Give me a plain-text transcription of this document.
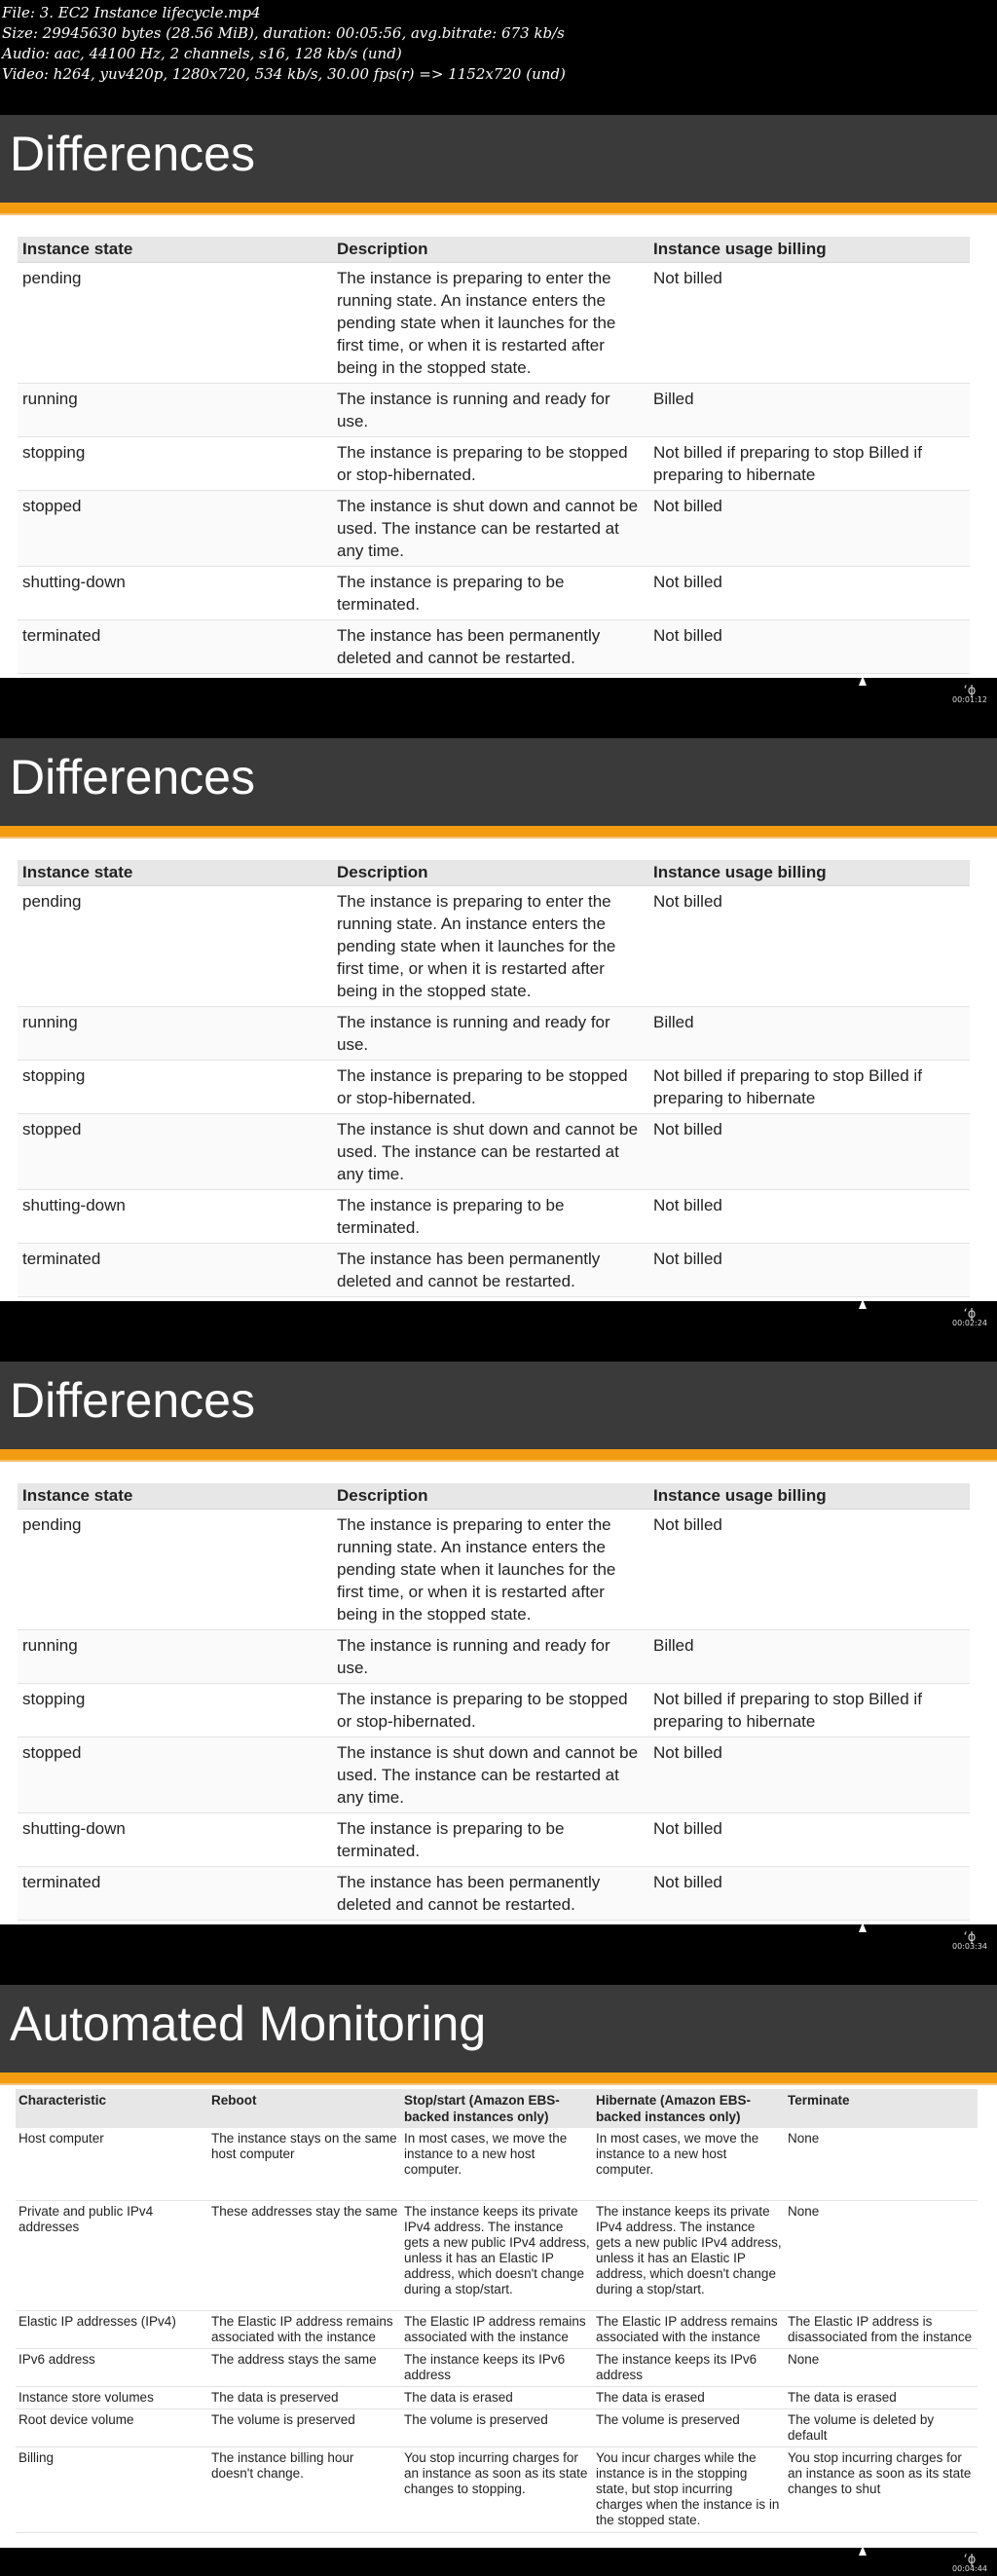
File: 3. EC2 Instance lifecycle.mp4
Size: 29945630 bytes (28.56 MiB), duration: 00:05:56, avg.bitrate: 673 kb/s
Audio: aac, 44100 Hz, 2 channels, s16, 128 kb/s (und)
Video: h264, yuv420p, 1280x720, 534 kb/s, 30.00 fps(r) => 1152x720 (und)
Differences
Instance state	Description	Instance usage billing
pending	The instance is preparing to enter the running state. An instance enters the pending state when it launches for the first time, or when it is restarted after being in the stopped state.	Not billed
running	The instance is running and ready for use.	Billed
stopping	The instance is preparing to be stopped or stop-hibernated.	Not billed if preparing to stop Billed if preparing to hibernate
stopped	The instance is shut down and cannot be used. The instance can be restarted at any time.	Not billed
shutting-down	The instance is preparing to be terminated.	Not billed
terminated	The instance has been permanently deleted and cannot be restarted.	Not billed
ʻϕ
00:01:12
Differences
Instance state	Description	Instance usage billing
pending	The instance is preparing to enter the running state. An instance enters the pending state when it launches for the first time, or when it is restarted after being in the stopped state.	Not billed
running	The instance is running and ready for use.	Billed
stopping	The instance is preparing to be stopped or stop-hibernated.	Not billed if preparing to stop Billed if preparing to hibernate
stopped	The instance is shut down and cannot be used. The instance can be restarted at any time.	Not billed
shutting-down	The instance is preparing to be terminated.	Not billed
terminated	The instance has been permanently deleted and cannot be restarted.	Not billed
ʻϕ
00:02:24
Differences
Instance state	Description	Instance usage billing
pending	The instance is preparing to enter the running state. An instance enters the pending state when it launches for the first time, or when it is restarted after being in the stopped state.	Not billed
running	The instance is running and ready for use.	Billed
stopping	The instance is preparing to be stopped or stop-hibernated.	Not billed if preparing to stop Billed if preparing to hibernate
stopped	The instance is shut down and cannot be used. The instance can be restarted at any time.	Not billed
shutting-down	The instance is preparing to be terminated.	Not billed
terminated	The instance has been permanently deleted and cannot be restarted.	Not billed
ʻϕ
00:03:34
Automated Monitoring
Characteristic	Reboot	Stop/start (Amazon EBS-backed instances only)	Hibernate (Amazon EBS-backed instances only)	Terminate
Host computer	The instance stays on the same host computer	In most cases, we move the instance to a new host computer.	In most cases, we move the instance to a new host computer.	None
Private and public IPv4 addresses	These addresses stay the same	The instance keeps its private IPv4 address. The instance gets a new public IPv4 address, unless it has an Elastic IP address, which doesn't change during a stop/start.	The instance keeps its private IPv4 address. The instance gets a new public IPv4 address, unless it has an Elastic IP address, which doesn't change during a stop/start.	None
Elastic IP addresses (IPv4)	The Elastic IP address remains associated with the instance	The Elastic IP address remains associated with the instance	The Elastic IP address remains associated with the instance	The Elastic IP address is disassociated from the instance
IPv6 address	The address stays the same	The instance keeps its IPv6 address	The instance keeps its IPv6 address	None
Instance store volumes	The data is preserved	The data is erased	The data is erased	The data is erased
Root device volume	The volume is preserved	The volume is preserved	The volume is preserved	The volume is deleted by default
Billing	The instance billing hour doesn't change.	You stop incurring charges for an instance as soon as its state changes to stopping.	You incur charges while the instance is in the stopping state, but stop incurring charges when the instance is in the stopped state.	You stop incurring charges for an instance as soon as its state changes to shut
ʻϕ
00:04:44
